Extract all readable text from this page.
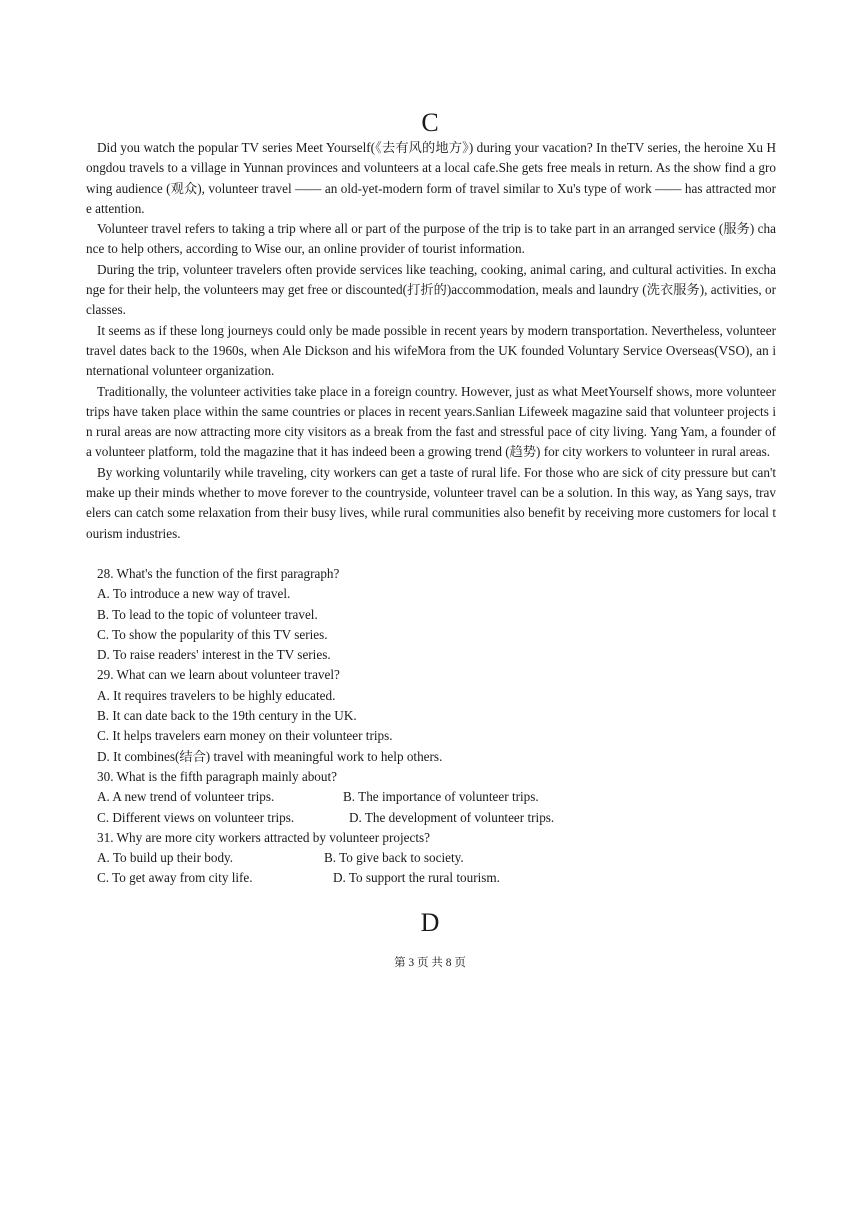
C

Did you watch the popular TV series Meet Yourself(《去有风的地方》) during your vacation? In theTV series, the heroine Xu Hongdou travels to a village in Yunnan provinces and volunteers at a local cafe.She gets free meals in return. As the show find a growing audience (观众), volunteer travel —— an old-yet-modern form of travel similar to Xu's type of work —— has attracted more attention.

Volunteer travel refers to taking a trip where all or part of the purpose of the trip is to take part in an arranged service (服务) chance to help others, according to Wise our, an online provider of tourist information.

During the trip, volunteer travelers often provide services like teaching, cooking, animal caring, and cultural activities. In exchange for their help, the volunteers may get free or discounted(打折的)accommodation, meals and laundry (洗衣服务), activities, or classes.

It seems as if these long journeys could only be made possible in recent years by modern transportation. Nevertheless, volunteer travel dates back to the 1960s, when Ale Dickson and his wifeMora from the UK founded Voluntary Service Overseas(VSO), an international volunteer organization.

Traditionally, the volunteer activities take place in a foreign country. However, just as what MeetYourself shows, more volunteer trips have taken place within the same countries or places in recent years.Sanlian Lifeweek magazine said that volunteer projects in rural areas are now attracting more city visitors as a break from the fast and stressful pace of city living. Yang Yam, a founder of a volunteer platform, told the magazine that it has indeed been a growing trend (趋势) for city workers to volunteer in rural areas.

By working voluntarily while traveling, city workers can get a taste of rural life. For those who are sick of city pressure but can't make up their minds whether to move forever to the countryside, volunteer travel can be a solution. In this way, as Yang says, travelers can catch some relaxation from their busy lives, while rural communities also benefit by receiving more customers for local tourism industries.

28. What's the function of the first paragraph?
A. To introduce a new way of travel.
B. To lead to the topic of volunteer travel.
C. To show the popularity of this TV series.
D. To raise readers' interest in the TV series.
29. What can we learn about volunteer travel?
A. It requires travelers to be highly educated.
B. It can date back to the 19th century in the UK.
C. It helps travelers earn money on their volunteer trips.
D. It combines(结合) travel with meaningful work to help others.
30. What is the fifth paragraph mainly about?
A. A new trend of volunteer trips.	B. The importance of volunteer trips.
C. Different views on volunteer trips.	D. The development of volunteer trips.
31. Why are more city workers attracted by volunteer projects?
A. To build up their body.	B. To give back to society.
C. To get away from city life.	D. To support the rural tourism.
D
第 3 页 共 8 页
